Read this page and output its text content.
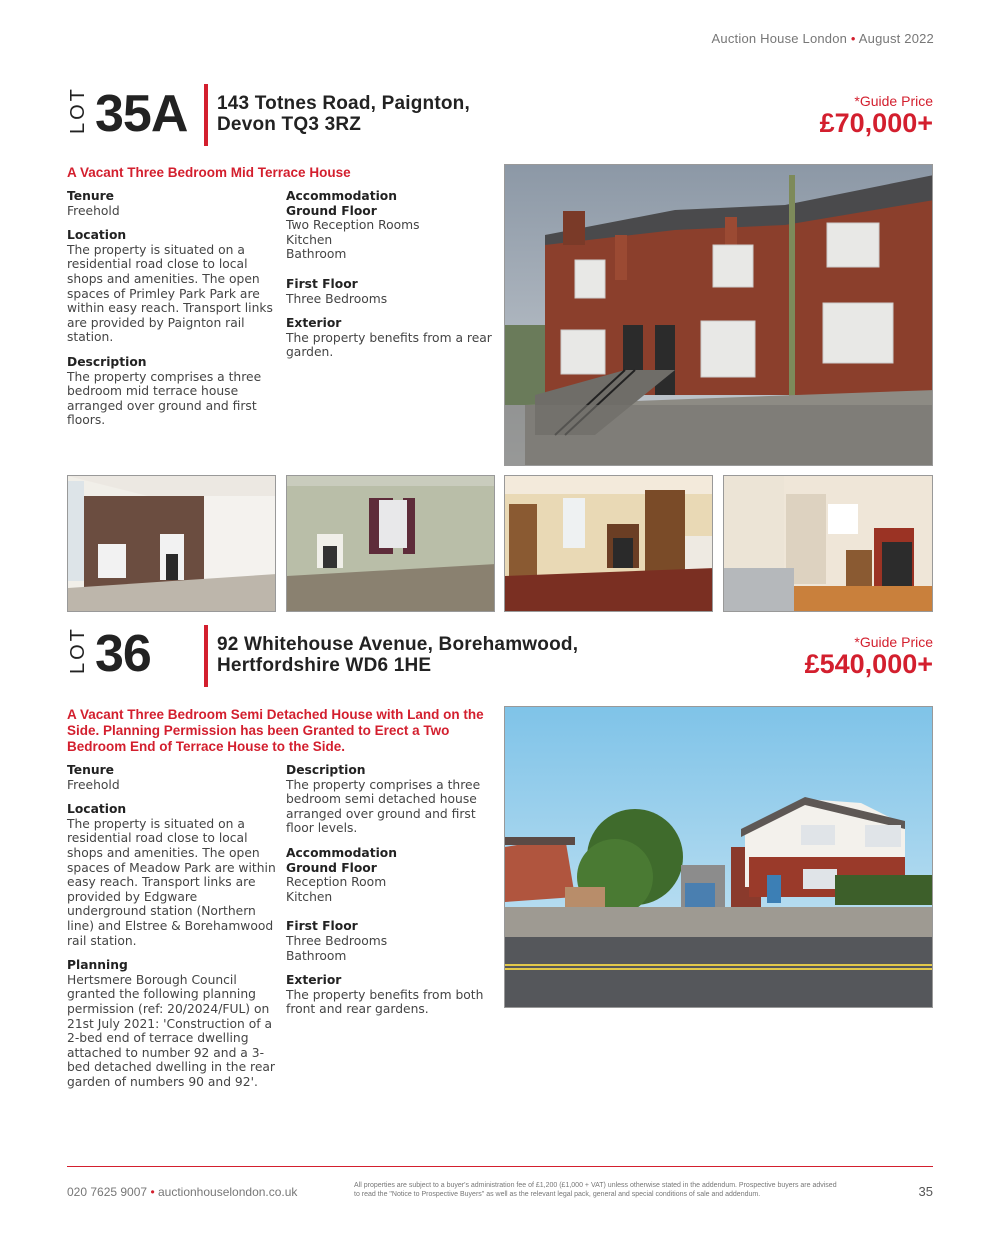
Auction House London • August 2022
LOT 35A 143 Totnes Road, Paignton,
Devon TQ3 3RZ
*Guide Price
£70,000+
A Vacant Three Bedroom Mid Terrace House
Tenure

Freehold

Location

The property is situated on a residential road close to local shops and amenities. The open spaces of Primley Park Park are within easy reach. Transport links are provided by Paignton rail station.

Description

The property comprises a three bedroom mid terrace house arranged over ground and first floors.

Accommodation
Ground Floor

Two Reception Rooms
Kitchen
Bathroom

First Floor

Three Bedrooms

Exterior

The property benefits from a rear garden.

LOT 36	92 Whitehouse Avenue, Borehamwood,
Hertfordshire WD6 1HE
*Guide Price
£540,000+
A Vacant Three Bedroom Semi Detached House with Land on the Side. Planning Permission has been Granted to Erect a Two Bedroom End of Terrace House to the Side.
Tenure

Freehold

Location

The property is situated on a residential road close to local shops and amenities. The open spaces of Meadow Park are within easy reach. Transport links are provided by Edgware underground station (Northern line) and Elstree & Borehamwood rail station.

Planning

Hertsmere Borough Council granted the following planning permission (ref: 20/2024/FUL) on 21st July 2021: 'Construction of a 2-bed end of terrace dwelling attached to number 92 and a 3-bed detached dwelling in the rear garden of numbers 90 and 92'.

Description

The property comprises a three bedroom semi detached house arranged over ground and first floor levels.

Accommodation
Ground Floor

Reception Room
Kitchen

First Floor

Three Bedrooms
Bathroom

Exterior

The property benefits from both front and rear gardens.

020 7625 9007 • auctionhouselondon.co.uk	All properties are subject to a buyer's administration fee of £1,200 (£1,000 + VAT) unless otherwise stated in the addendum. Prospective buyers are advised to read the "Notice to Prospective Buyers" as well as the relevant legal pack, general and special conditions of sale and addendum.	35
